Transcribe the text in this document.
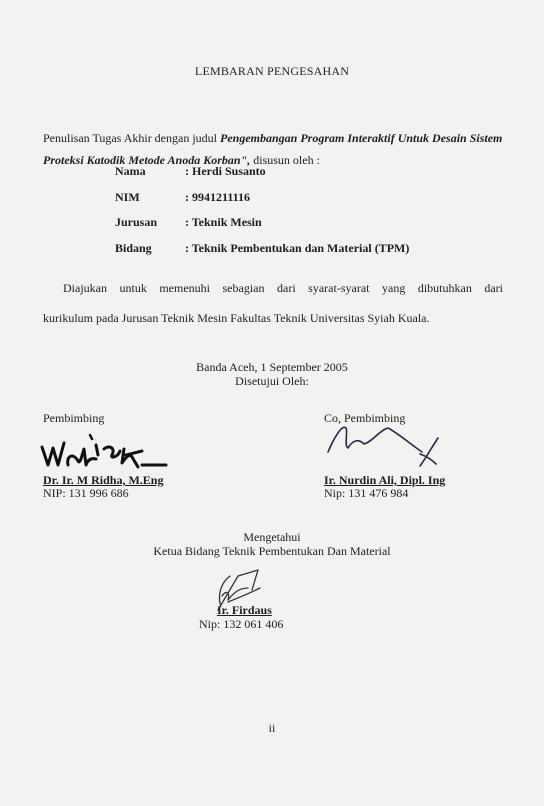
LEMBARAN PENGESAHAN
Penulisan Tugas Akhir dengan judul Pengembangan Program Interaktif Untuk Desain Sistem Proteksi Katodik Metode Anoda Korban", disusun oleh :
Nama	: Herdi Susanto
NIM	: 9941211116
Jurusan	: Teknik Mesin
Bidang	: Teknik Pembentukan dan Material (TPM)
Diajukan untuk memenuhi sebagian dari syarat-syarat yang dibutuhkan dari
kurikulum pada Jurusan Teknik Mesin Fakultas Teknik Universitas Syiah Kuala.
Banda Aceh, 1 September 2005
Disetujui Oleh:
Pembimbing
Dr. Ir. M Ridha, M.Eng
NIP: 131 996 686
Co, Pembimbing
Ir. Nurdin Ali, Dipl. Ing
Nip: 131 476 984
Mengetahui
Ketua Bidang Teknik Pembentukan Dan Material
Ir. Firdaus
Nip: 132 061 406
ii
